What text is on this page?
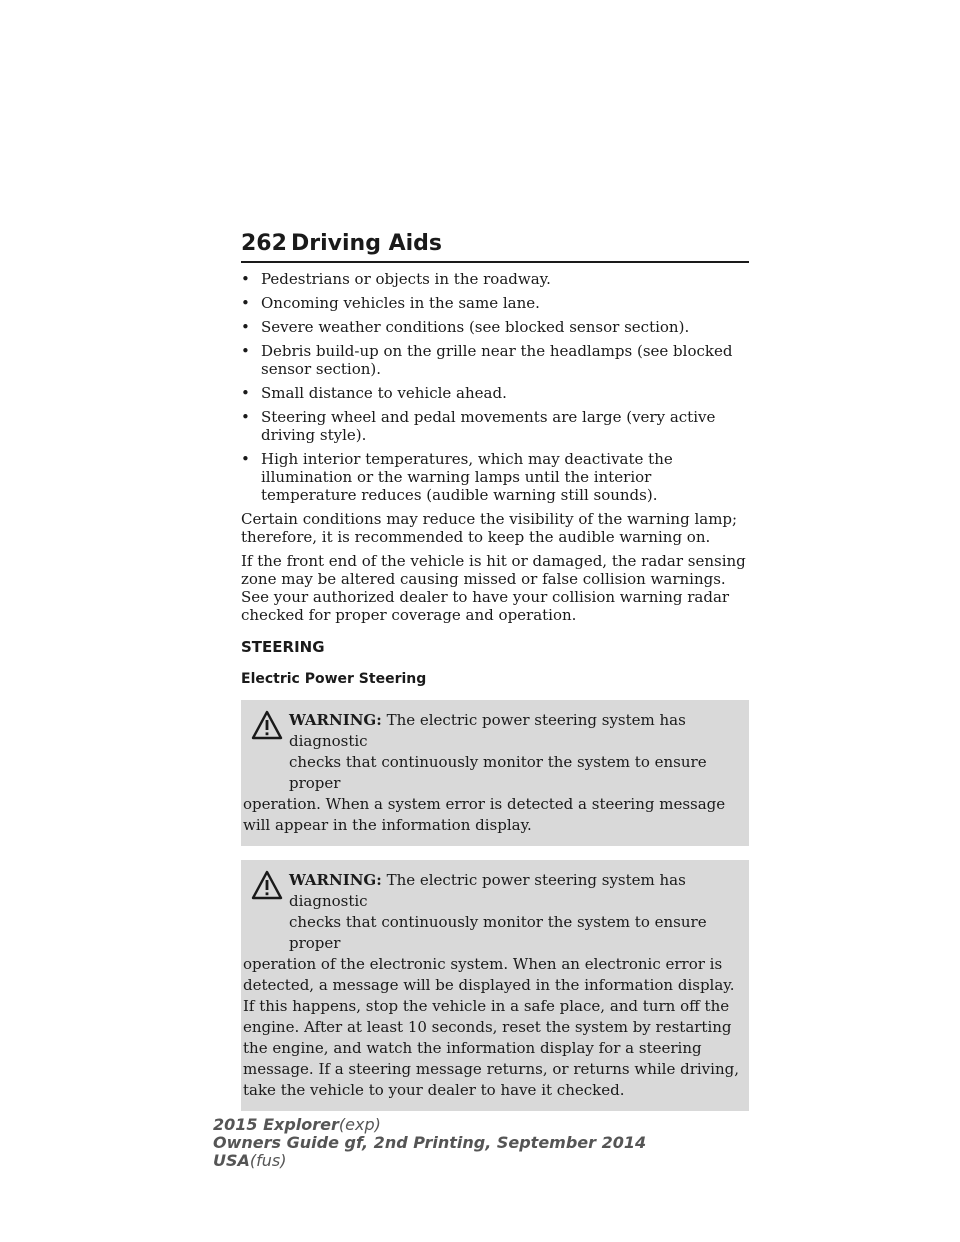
262 Driving Aids
• Pedestrians or objects in the roadway.
• Oncoming vehicles in the same lane.
• Severe weather conditions (see blocked sensor section).
• Debris build-up on the grille near the headlamps (see blocked sensor section).
• Small distance to vehicle ahead.
• Steering wheel and pedal movements are large (very active driving style).
• High interior temperatures, which may deactivate the illumination or the warning lamps until the interior temperature reduces (audible warning still sounds).

Certain conditions may reduce the visibility of the warning lamp; therefore, it is recommended to keep the audible warning on.

If the front end of the vehicle is hit or damaged, the radar sensing zone may be altered causing missed or false collision warnings. See your authorized dealer to have your collision warning radar checked for proper coverage and operation.

STEERING
Electric Power Steering
WARNING: The electric power steering system has diagnostic
checks that continuously monitor the system to ensure proper
operation. When a system error is detected a steering message will appear in the information display.
WARNING: The electric power steering system has diagnostic
checks that continuously monitor the system to ensure proper
operation of the electronic system. When an electronic error is detected, a message will be displayed in the information display. If this happens, stop the vehicle in a safe place, and turn off the engine. After at least 10 seconds, reset the system by restarting the engine, and watch the information display for a steering message. If a steering message returns, or returns while driving, take the vehicle to your dealer to have it checked.
2015 Explorer(exp)
Owners Guide gf, 2nd Printing, September 2014
USA(fus)
